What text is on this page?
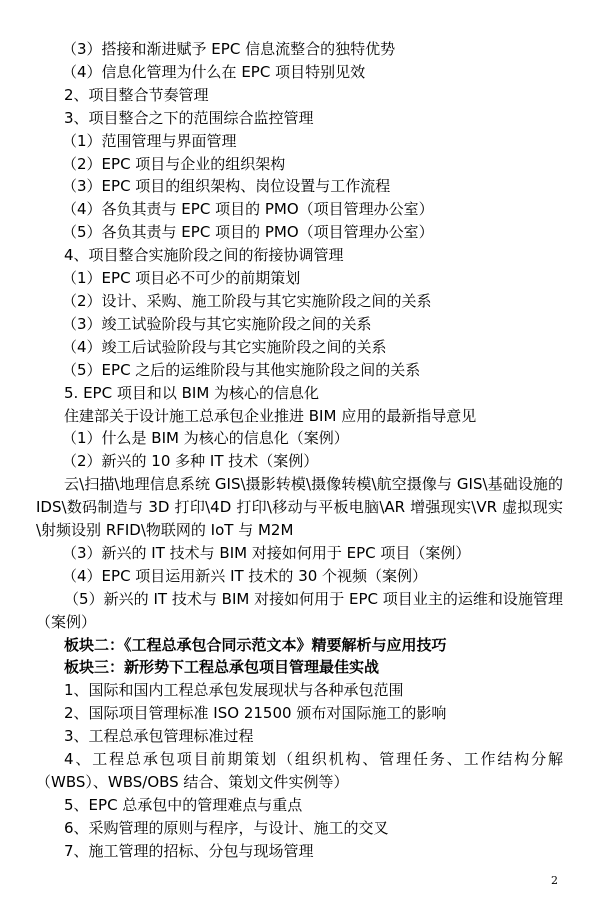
（3）搭接和渐进赋予 EPC 信息流整合的独特优势
（4）信息化管理为什么在 EPC 项目特别见效
2、项目整合节奏管理
3、项目整合之下的范围综合监控管理
（1）范围管理与界面管理
（2）EPC 项目与企业的组织架构
（3）EPC 项目的组织架构、岗位设置与工作流程
（4）各负其责与 EPC 项目的 PMO（项目管理办公室）
（5）各负其责与 EPC 项目的 PMO（项目管理办公室）
4、项目整合实施阶段之间的衔接协调管理
（1）EPC 项目必不可少的前期策划
（2）设计、采购、施工阶段与其它实施阶段之间的关系
（3）竣工试验阶段与其它实施阶段之间的关系
（4）竣工后试验阶段与其它实施阶段之间的关系
（5）EPC 之后的运维阶段与其他实施阶段之间的关系
5. EPC 项目和以 BIM 为核心的信息化
住建部关于设计施工总承包企业推进 BIM 应用的最新指导意见
（1）什么是 BIM 为核心的信息化（案例）
（2）新兴的 10 多种 IT 技术（案例）
云\扫描\地理信息系统 GIS\摄影转模\摄像转模\航空摄像与 GIS\基础设施的 IDS\数码制造与 3D 打印\4D 打印\移动与平板电脑\AR 增强现实\VR 虚拟现实\射频设别 RFID\物联网的 IoT 与 M2M
（3）新兴的 IT 技术与 BIM 对接如何用于 EPC 项目（案例）
（4）EPC 项目运用新兴 IT 技术的 30 个视频（案例）
（5）新兴的 IT 技术与 BIM 对接如何用于 EPC 项目业主的运维和设施管理（案例）
板块二：《工程总承包合同示范文本》精要解析与应用技巧
板块三：新形势下工程总承包项目管理最佳实战
1、国际和国内工程总承包发展现状与各种承包范围
2、国际项目管理标准 ISO 21500 颁布对国际施工的影响
3、工程总承包管理标准过程
4、工程总承包项目前期策划（组织机构、管理任务、工作结构分解（WBS）、WBS/OBS 结合、策划文件实例等）
5、EPC 总承包中的管理难点与重点
6、采购管理的原则与程序，与设计、施工的交叉
7、施工管理的招标、分包与现场管理
2
